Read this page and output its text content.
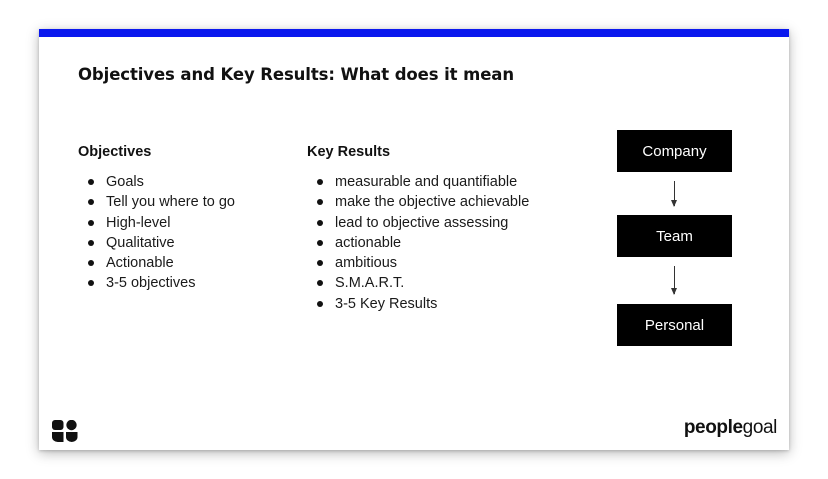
Objectives and Key Results: What does it mean
Objectives
Goals
Tell you where to go
High-level
Qualitative
Actionable
3-5 objectives
Key Results
measurable and quantifiable
make the objective achievable
lead to objective assessing
actionable
ambitious
S.M.A.R.T.
3-5 Key Results
Company
Team
Personal
peoplegoal
